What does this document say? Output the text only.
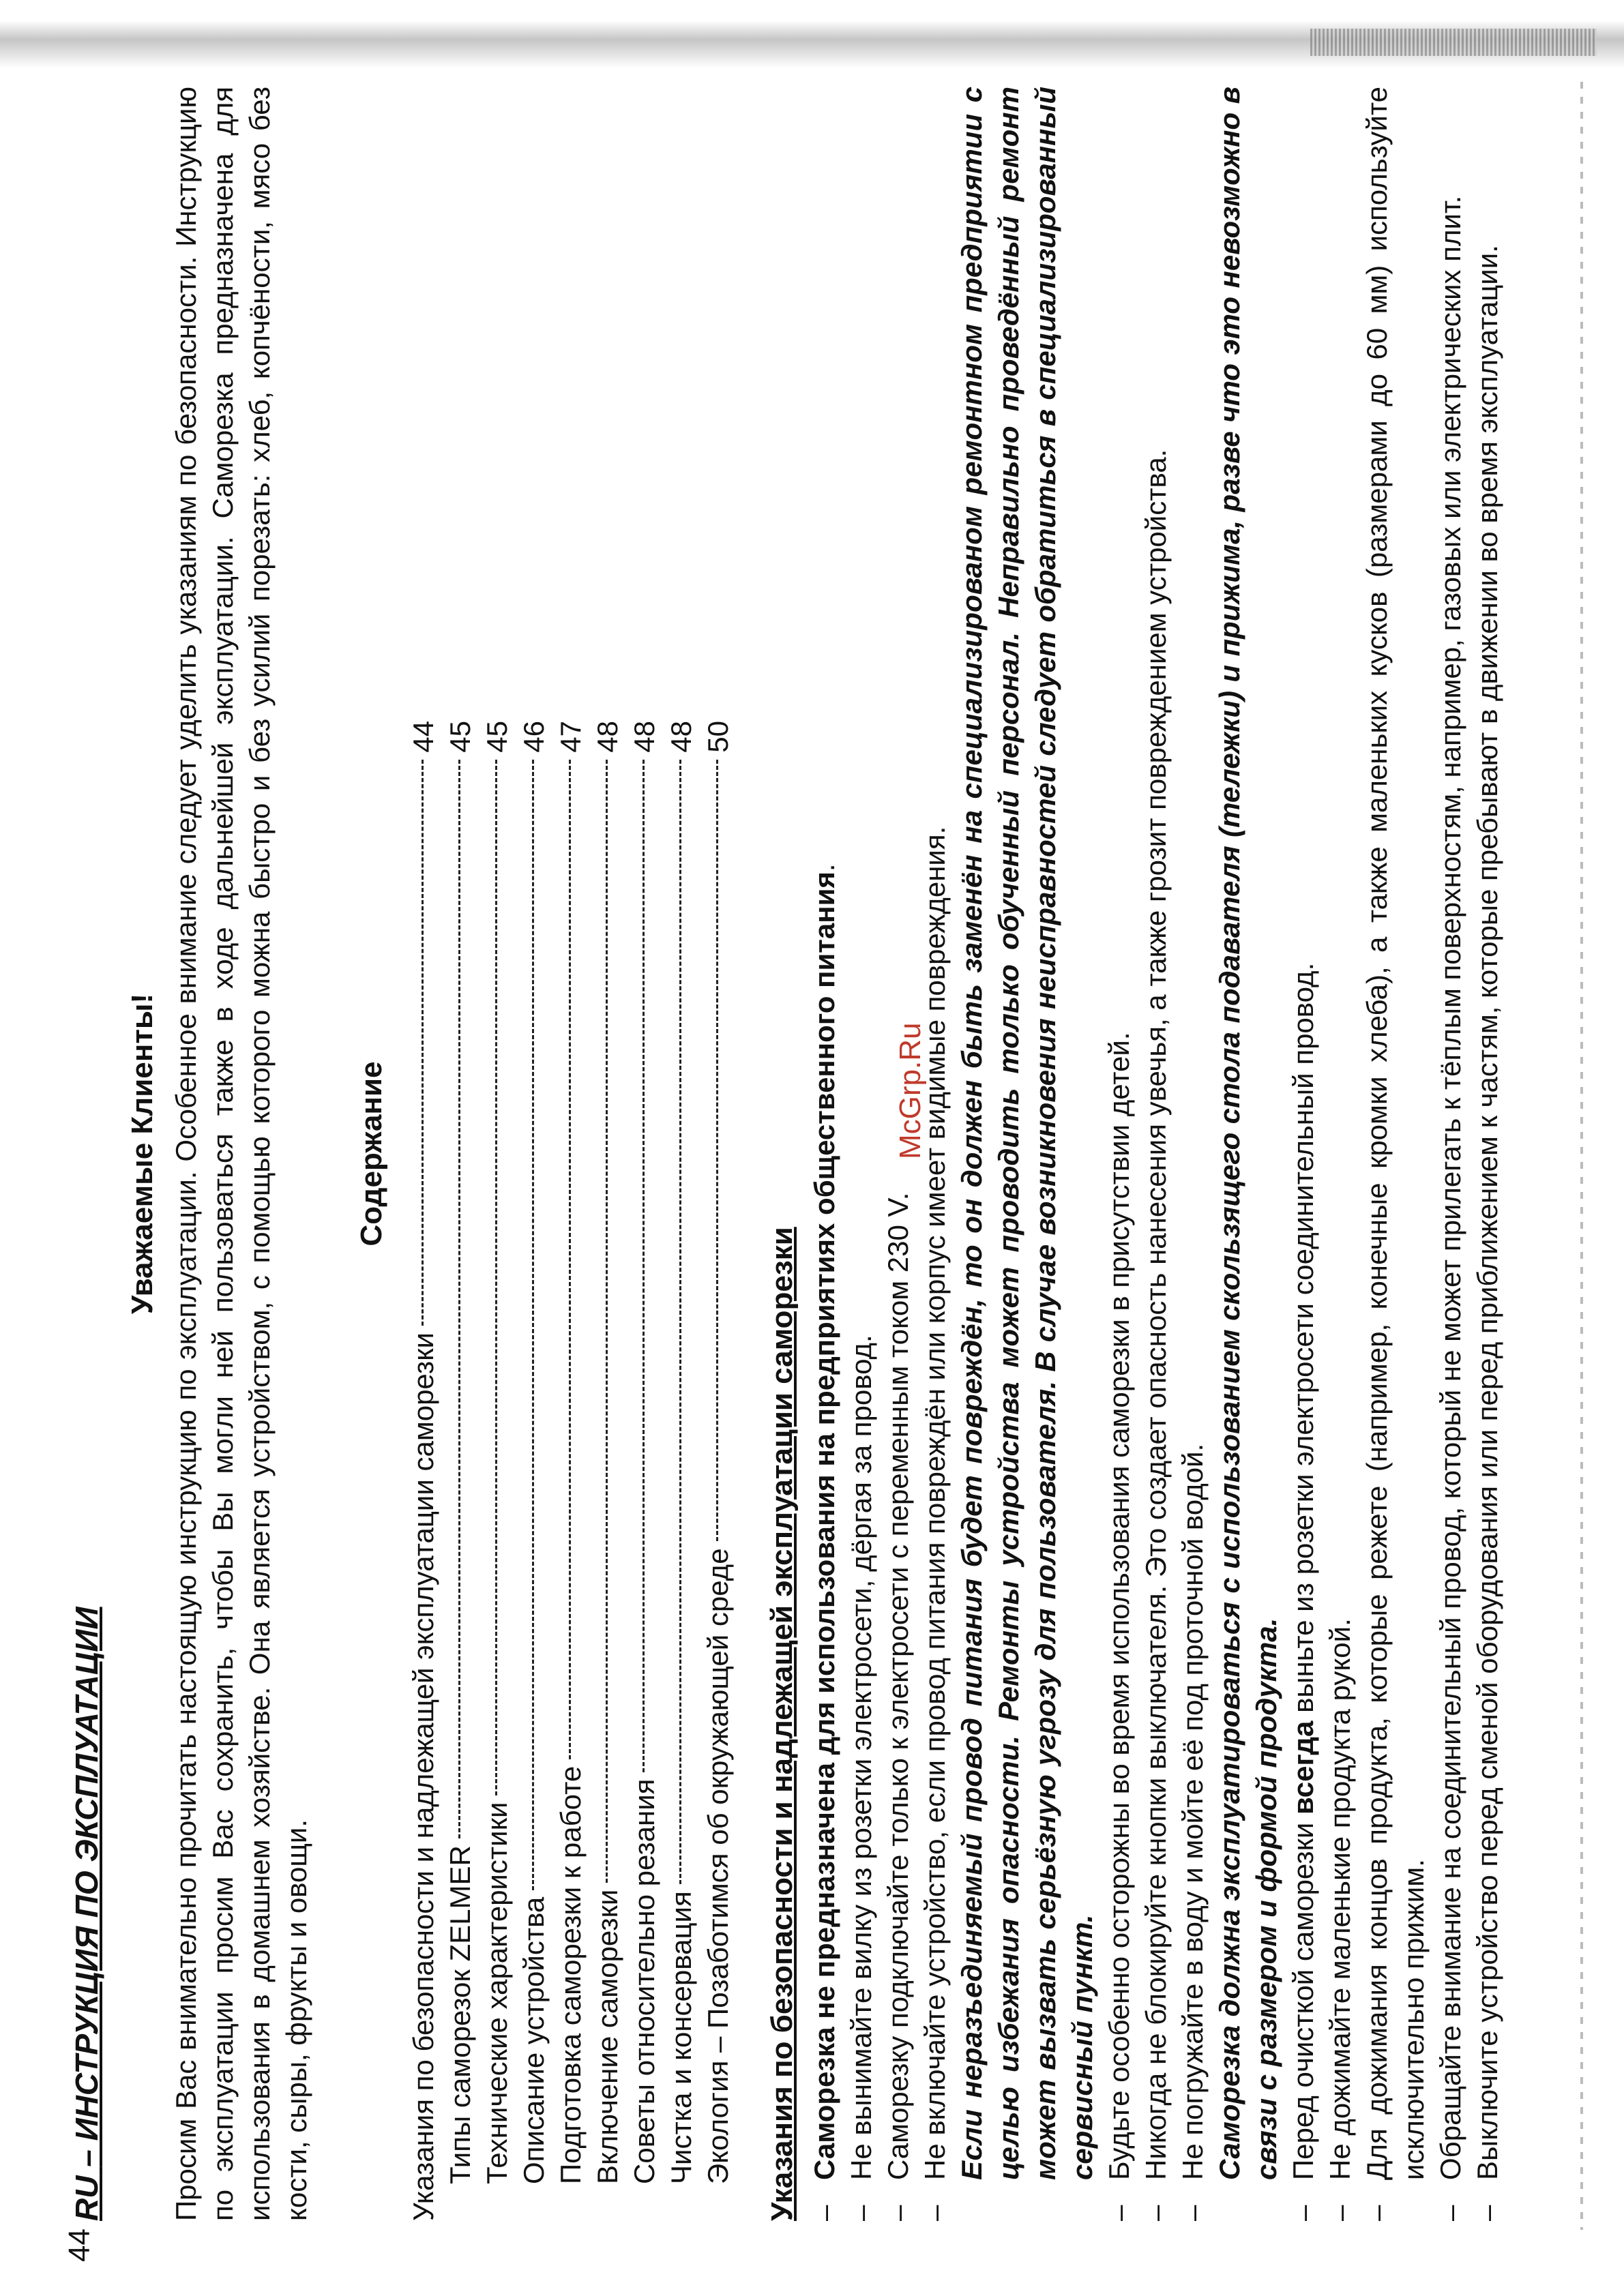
44
RU – ИНСТРУКЦИЯ ПО ЭКСПЛУАТАЦИИ
Уважаемые Клиенты! Просим Вас внимательно прочитать настоящую инструкцию по эксплуатации. Особенное внимание следует уделить указаниям по безопасности. Инструкцию по эксплуатации просим Вас сохранить, чтобы Вы могли ней пользоваться также в ходе дальнейшей эксплуатации. Саморезка предназначена для использования в домашнем хозяйстве. Она является устройством, с помощью которого можна быстро и без усилий порезать: хлеб, копчёности, мясо без кости, сыры, фрукты и овощи.

Содержание
Указания по безопасности и надлежащей эксплуатации саморезки
44
Типы саморезок ZELMER
45
Технические характеристики
45
Описание устройства
46
Подготовка саморезки к работе
47
Включение саморезки
48
Советы относительно резания
48
Чистка и консервация
48
Экология – Позаботимся об окружающей среде
50
Указания по безопасности и надлежащей эксплуатации саморезки – Саморезка не предназначена для использования на предприятиях общественного питания.
– Не вынимайте вилку из розетки электросети, дёргая за провод. – Саморезку подключайте только к электросети с переменным током 230 V. – Не включайте устройство, если провод питания повреждён или корпус имеет видимые повреждения. Если неразъединяемый провод питания будет повреждён, то он должен быть заменён на специализированом ремонтном предприятии с целью избежания опасности. Ремонты устройства может проводить только обученный персонал. Неправильно проведённый ремонт может вызвать серьёзную угрозу для пользователя. В случае возникновения неисправностей следует обратиться в специализированный сервисный пункт. – Будьте особенно осторожны во время использования саморезки в присутствии детей. – Никогда не блокируйте кнопки выключателя. Это создает опасность нанесения увечья, а также грозит повреждением устройства. – Не погружайте в воду и мойте её под проточной водой. Саморезка должна эксплуатироваться с использованием скользящего стола подавателя (тележки) и прижима, разве что это невозможно в связи с размером и формой продукта. – Перед очисткой саморезки всегда выньте из розетки электросети соединительный провод.
– Не дожимайте маленькие продукта рукой. – Для дожимания концов продукта, которые режете (например, конечные кромки хлеба), а также маленьких кусков (размерами до 60 мм) используйте исключительно прижим. – Обращайте внимание на соединительный провод, который не может прилегать к тёплым поверхностям, например, газовых или электрических плит. – Выключите устройство перед сменой оборудования или перед приближением к частям, которые пребывают в движении во время эксплуатации.
McGrp.Ru
